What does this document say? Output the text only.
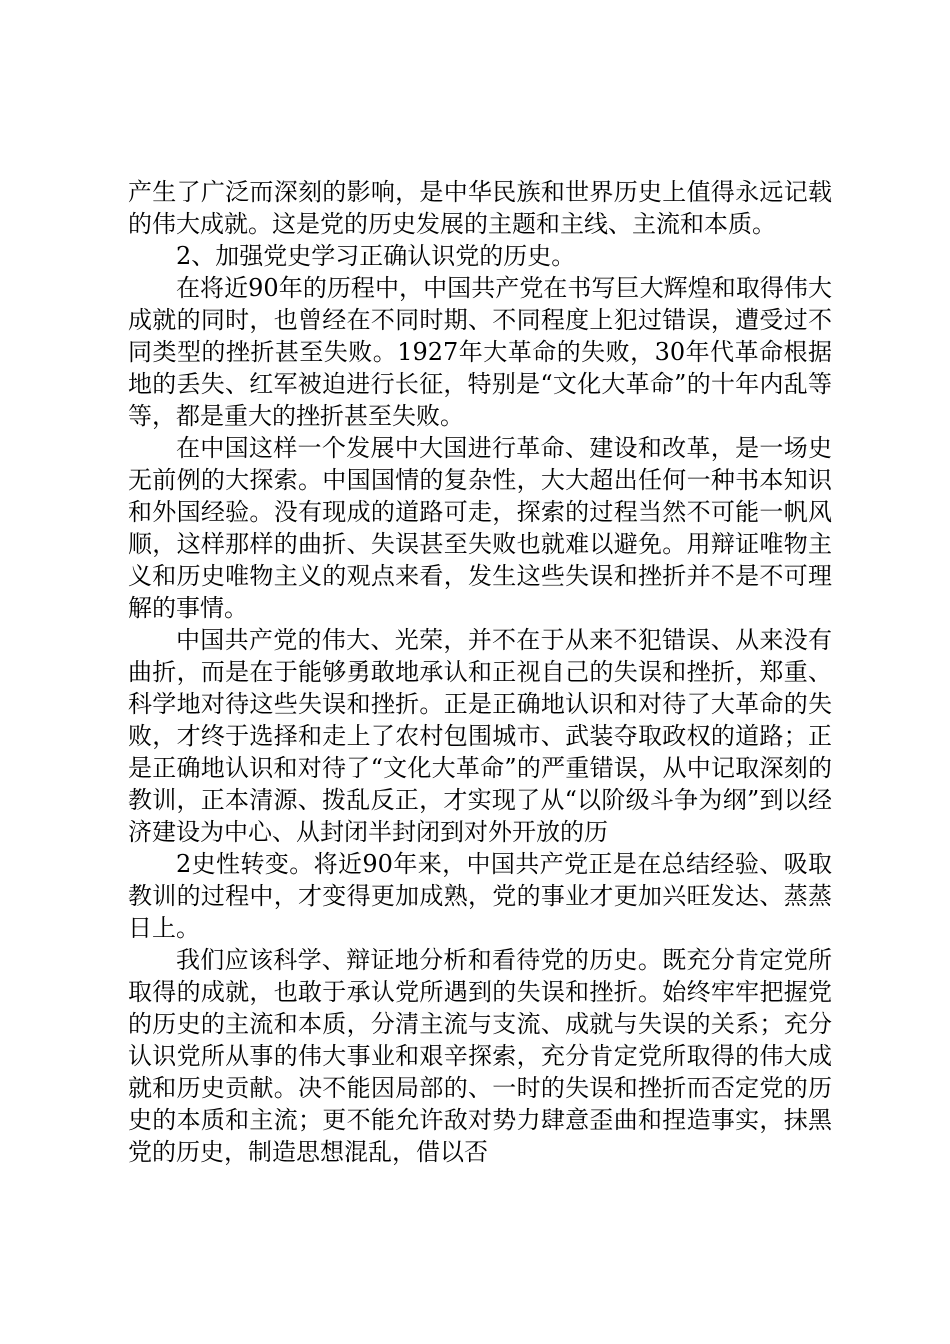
产生了广泛而深刻的影响，是中华民族和世界历史上值得永远记载的伟大成就。这是党的历史发展的主题和主线、主流和本质。

2、加强党史学习正确认识党的历史。

在将近90年的历程中，中国共产党在书写巨大辉煌和取得伟大成就的同时，也曾经在不同时期、不同程度上犯过错误，遭受过不同类型的挫折甚至失败。1927年大革命的失败，30年代革命根据地的丢失、红军被迫进行长征，特别是“文化大革命”的十年内乱等等，都是重大的挫折甚至失败。

在中国这样一个发展中大国进行革命、建设和改革，是一场史无前例的大探索。中国国情的复杂性，大大超出任何一种书本知识和外国经验。没有现成的道路可走，探索的过程当然不可能一帆风顺，这样那样的曲折、失误甚至失败也就难以避免。用辩证唯物主义和历史唯物主义的观点来看，发生这些失误和挫折并不是不可理解的事情。

中国共产党的伟大、光荣，并不在于从来不犯错误、从来没有曲折，而是在于能够勇敢地承认和正视自己的失误和挫折，郑重、科学地对待这些失误和挫折。正是正确地认识和对待了大革命的失败，才终于选择和走上了农村包围城市、武装夺取政权的道路；正是正确地认识和对待了“文化大革命”的严重错误，从中记取深刻的教训，正本清源、拨乱反正，才实现了从“以阶级斗争为纲”到以经济建设为中心、从封闭半封闭到对外开放的历

2史性转变。将近90年来，中国共产党正是在总结经验、吸取教训的过程中，才变得更加成熟，党的事业才更加兴旺发达、蒸蒸日上。

我们应该科学、辩证地分析和看待党的历史。既充分肯定党所取得的成就，也敢于承认党所遇到的失误和挫折。始终牢牢把握党的历史的主流和本质，分清主流与支流、成就与失误的关系；充分认识党所从事的伟大事业和艰辛探索，充分肯定党所取得的伟大成就和历史贡献。决不能因局部的、一时的失误和挫折而否定党的历史的本质和主流；更不能允许敌对势力肆意歪曲和捏造事实，抹黑党的历史，制造思想混乱，借以否
